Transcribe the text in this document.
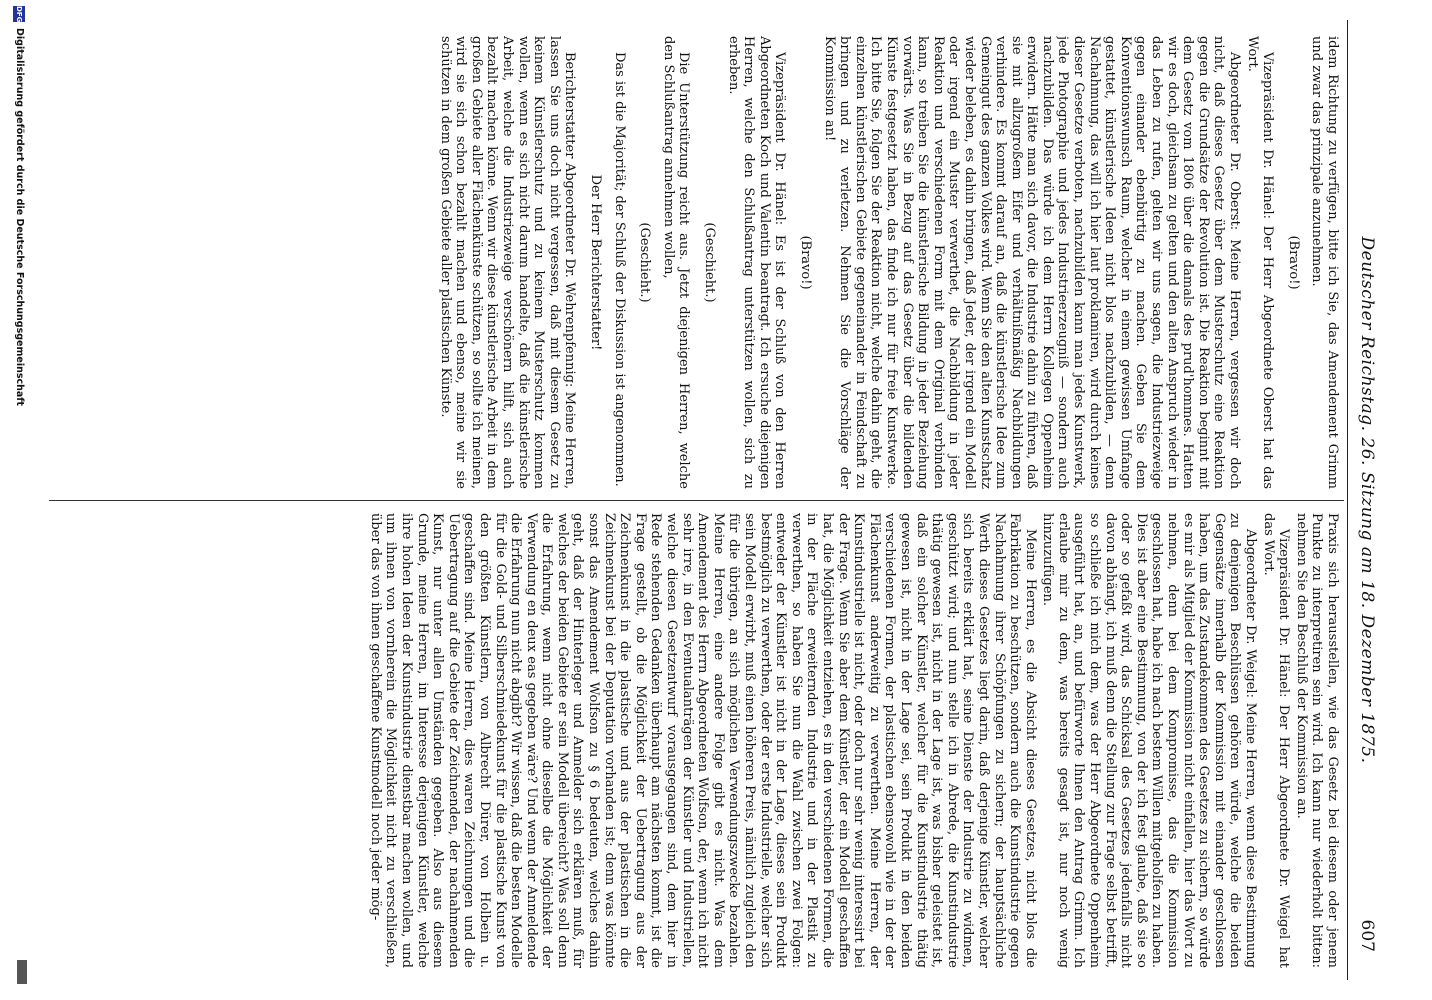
Deutscher Reichstag. 26. Sitzung am 18. Dezember 1875.
607

idem Richtung zu verfügen, bitte ich Sie, das Amendement Grimm und zwar das prinzipale anzunehmen.

(Bravo!)

Vizepräsident Dr. Hänel: Der Herr Abgeordnete Oberst hat das Wort.

Abgeordneter Dr. Oberst: Meine Herren, vergessen wir doch nicht, daß dieses Gesetz über dem Musterschutz eine Reaktion gegen die Grundsätze der Revolution ist. Die Reaktion beginnt mit dem Gesetz vom 1806 über die damals des prud'hommes. Hatten wir es doch, gleichsam zu gelten und den alten Anspruch wieder in das Leben zu rufen, gelten wir uns sagen, die Industriezweige gegen einander ebenbürtig zu machen. Geben Sie dem Konventionswunsch Raum, welcher in einem gewissen Umfange gestattet, künstlerische Ideen nicht blos nachzubilden, — denn Nachahmung, das will ich hier laut proklamiren, wird durch keines dieser Gesetze verboten, nachzubilden kann man jedes Kunstwerk, jede Photographie und jedes Industrieerzeugniß — sondern auch nachzubilden. Das würde ich dem Herrn Kollegen Oppenheim erwidern. Hätte man sich davor, die Industrie dahin zu führen, daß sie mit allzugroßem Eifer und verhältnißmäßig Nachbildungen verhindere. Es kommt darauf an, daß die künstlerische Idee zum Gemeingut des ganzen Volkes wird. Wenn Sie den alten Kunstschatz wieder beleben, es dahin bringen, daß Jeder, der irgend ein Modell oder irgend ein Muster verwerthet, die Nachbildung in jeder Reaktion und verschiedenen Form mit dem Original verbinden kann, so treiben Sie die künstlerische Bildung in jeder Beziehung vorwärts. Was Sie in Bezug auf das Gesetz über die bildenden Künste festgesetzt haben, das finde ich nur für freie Kunstwerke. Ich bitte Sie, folgen Sie der Reaktion nicht, welche dahin geht, die einzelnen künstlerischen Gebiete gegeneinander in Feindschaft zu bringen und zu verletzen. Nehmen Sie die Vorschläge der Kommission an!

(Bravo!)

Vizepräsident Dr. Hänel: Es ist der Schluß von den Herren Abgeordneten Koch und Valentin beantragt. Ich ersuche diejenigen Herren, welche den Schlußantrag unterstützen wollen, sich zu erheben.

(Geschieht.)

Die Unterstützung reicht aus. Jetzt diejenigen Herren, welche den Schlußantrag annehmen wollen,

(Geschieht.)

Das ist die Majorität; der Schluß der Diskussion ist angenommen.

Der Herr Berichterstatter!

Berichterstatter Abgeordneter Dr. Wehrenpfennig: Meine Herren, lassen Sie uns doch nicht vergessen, daß mit diesem Gesetz zu keinem Künstlerschutz und zu keinem Musterschutz kommen wollen, wenn es sich nicht darum handelte, daß die künstlerische Arbeit, welche die Industriezweige verschönern hilft, sich auch bezahlt machen könne. Wenn wir diese künstlerische Arbeit in dem großen Gebiete aller Flächenkünste schützen, so sollte ich meinen, wird sie sich schon bezahlt machen und ebenso, meine wir sie schützen in dem großen Gebiete aller plastischen Künste.

Praxis sich herausstellen, wie das Gesetz bei diesem oder jenem Punkte zu interpretiren sein wird. Ich kann nur wiederholt bitten: nehmen Sie den Beschluß der Kommission an.

Vizepräsident Dr. Hänel: Der Herr Abgeordnete Dr. Weigel hat das Wort.

Abgeordneter Dr. Weigel: Meine Herren, wenn diese Bestimmung zu denjenigen Beschlüssen gehören würde, welche die beiden Gegensätze innerhalb der Kommission mit einander geschlossen haben, um das Zustandekommen des Gesetzes zu sichern, so würde es mir als Mitglied der Kommission nicht einfallen, hier das Wort zu nehmen, denn bei dem Kompromisse, das die Kommission geschlossen hat, habe ich nach bestem Willen mitgeholfen zu haben. Dies ist aber eine Bestimmung, von der ich fest glaube, daß sie so oder so gefaßt wird, das Schicksal des Gesetzes jedenfalls nicht davon abhängt, ich muß denn die Stellung zur Frage selbst betrifft, so schließe ich mich dem, was der Herr Abgeordnete Oppenheim ausgeführt hat, an, und befürworte Ihnen den Antrag Grimm. Ich erlaube mir zu dem, was bereits gesagt ist, nur noch wenig hinzuzufügen.

Meine Herren, es die Absicht dieses Gesetzes, nicht blos die Fabrikation zu beschützen, sondern auch die Kunstindustrie gegen Nachahmung ihrer Schöpfungen zu sichern; der hauptsächliche Werth dieses Gesetzes liegt darin, daß derjenige Künstler, welcher sich bereits erklärt hat, seine Dienste der Industrie zu widmen, geschützt wird; und nun stelle ich in Abrede, die Kunstindustrie thätig gewesen ist, nicht in der Lage ist, was bisher geleistet ist, daß ein solcher Künstler, welcher für die Kunstindustrie thätig gewesen ist, nicht in der Lage sei, sein Produkt in den beiden verschiedenen Formen, der plastischen ebensowohl wie in der der Flächenkunst anderweitig zu verwerthen. Meine Herren, der Kunstindustrielle ist nicht, oder doch nur sehr wenig interessirt bei der Frage. Wenn Sie aber dem Künstler, der ein Modell geschaffen hat, die Möglichkeit entziehen, es in den verschiedenen Formen, die in der Fläche erweiternden Industrie und in der Plastik zu verwerthen, so haben Sie nun die Wahl zwischen zwei Folgen: entweder der Künstler ist nicht in der Lage, dieses sein Produkt bestmöglich zu verwerthen, oder der erste Industrielle, welcher sich sein Modell erwirbt, muß einen höheren Preis, nämlich zugleich den für die übrigen, an sich möglichen Verwendungszwecke bezahlen. Meine Herren, eine andere Folge gibt es nicht. Was dem Amendement des Herrn Abgeordneten Wolfson, der, wenn ich nicht sehr irre, in den Eventualanträgen der Künstler und Industriellen, welche diesen Gesetzentwurf vorausgegangen sind, dem hier in Rede stehenden Gedanken überhaupt am nächsten kommt, ist die Frage gestellt, ob die Möglichkeit der Uebertragung aus der Zeichnenkunst in die plastische und aus der plastischen in die Zeichnenkunst bei der Deputation vorhanden ist; denn was könnte sonst das Amendement Wolfson zu § 6 bedeuten, welches dahin geht, daß der Hinterleger und Anmelder sich erklären muß, für welches der beiden Gebiete er sein Modell übereicht? Was soll denn die Erfahrung, wenn nicht ohne dieselbe die Möglichkeit der Verwendung en deux eas gegeben wäre? Und wenn der Anmeldende die Erfahrung nun nicht abgibt? Wir wissen, daß die besten Modelle für die Gold- und Silberschmiedekunst für die plastische Kunst von den größten Künstlern, von Albrecht Dürer, von Holbein u. geschaffen sind. Meine Herren, dies waren Zeichnungen und die Uebertragung auf die Gebiete der Zeichnenden, der nachahmenden Kunst, nur unter allen Umständen gegeben. Also aus diesem Grunde, meine Herren, im Interesse derjenigen Künstler, welche ihre hohen Ideen der Kunstindustrie dienstbar machen wollen, und um ihnen von vornherein die Möglichkeit nicht zu verschließen, über das von ihnen geschaffene Kunstmodell noch jeder mög-

DFG
Digitalisierung gefördert durch die Deutsche Forschungsgemeinschaft
